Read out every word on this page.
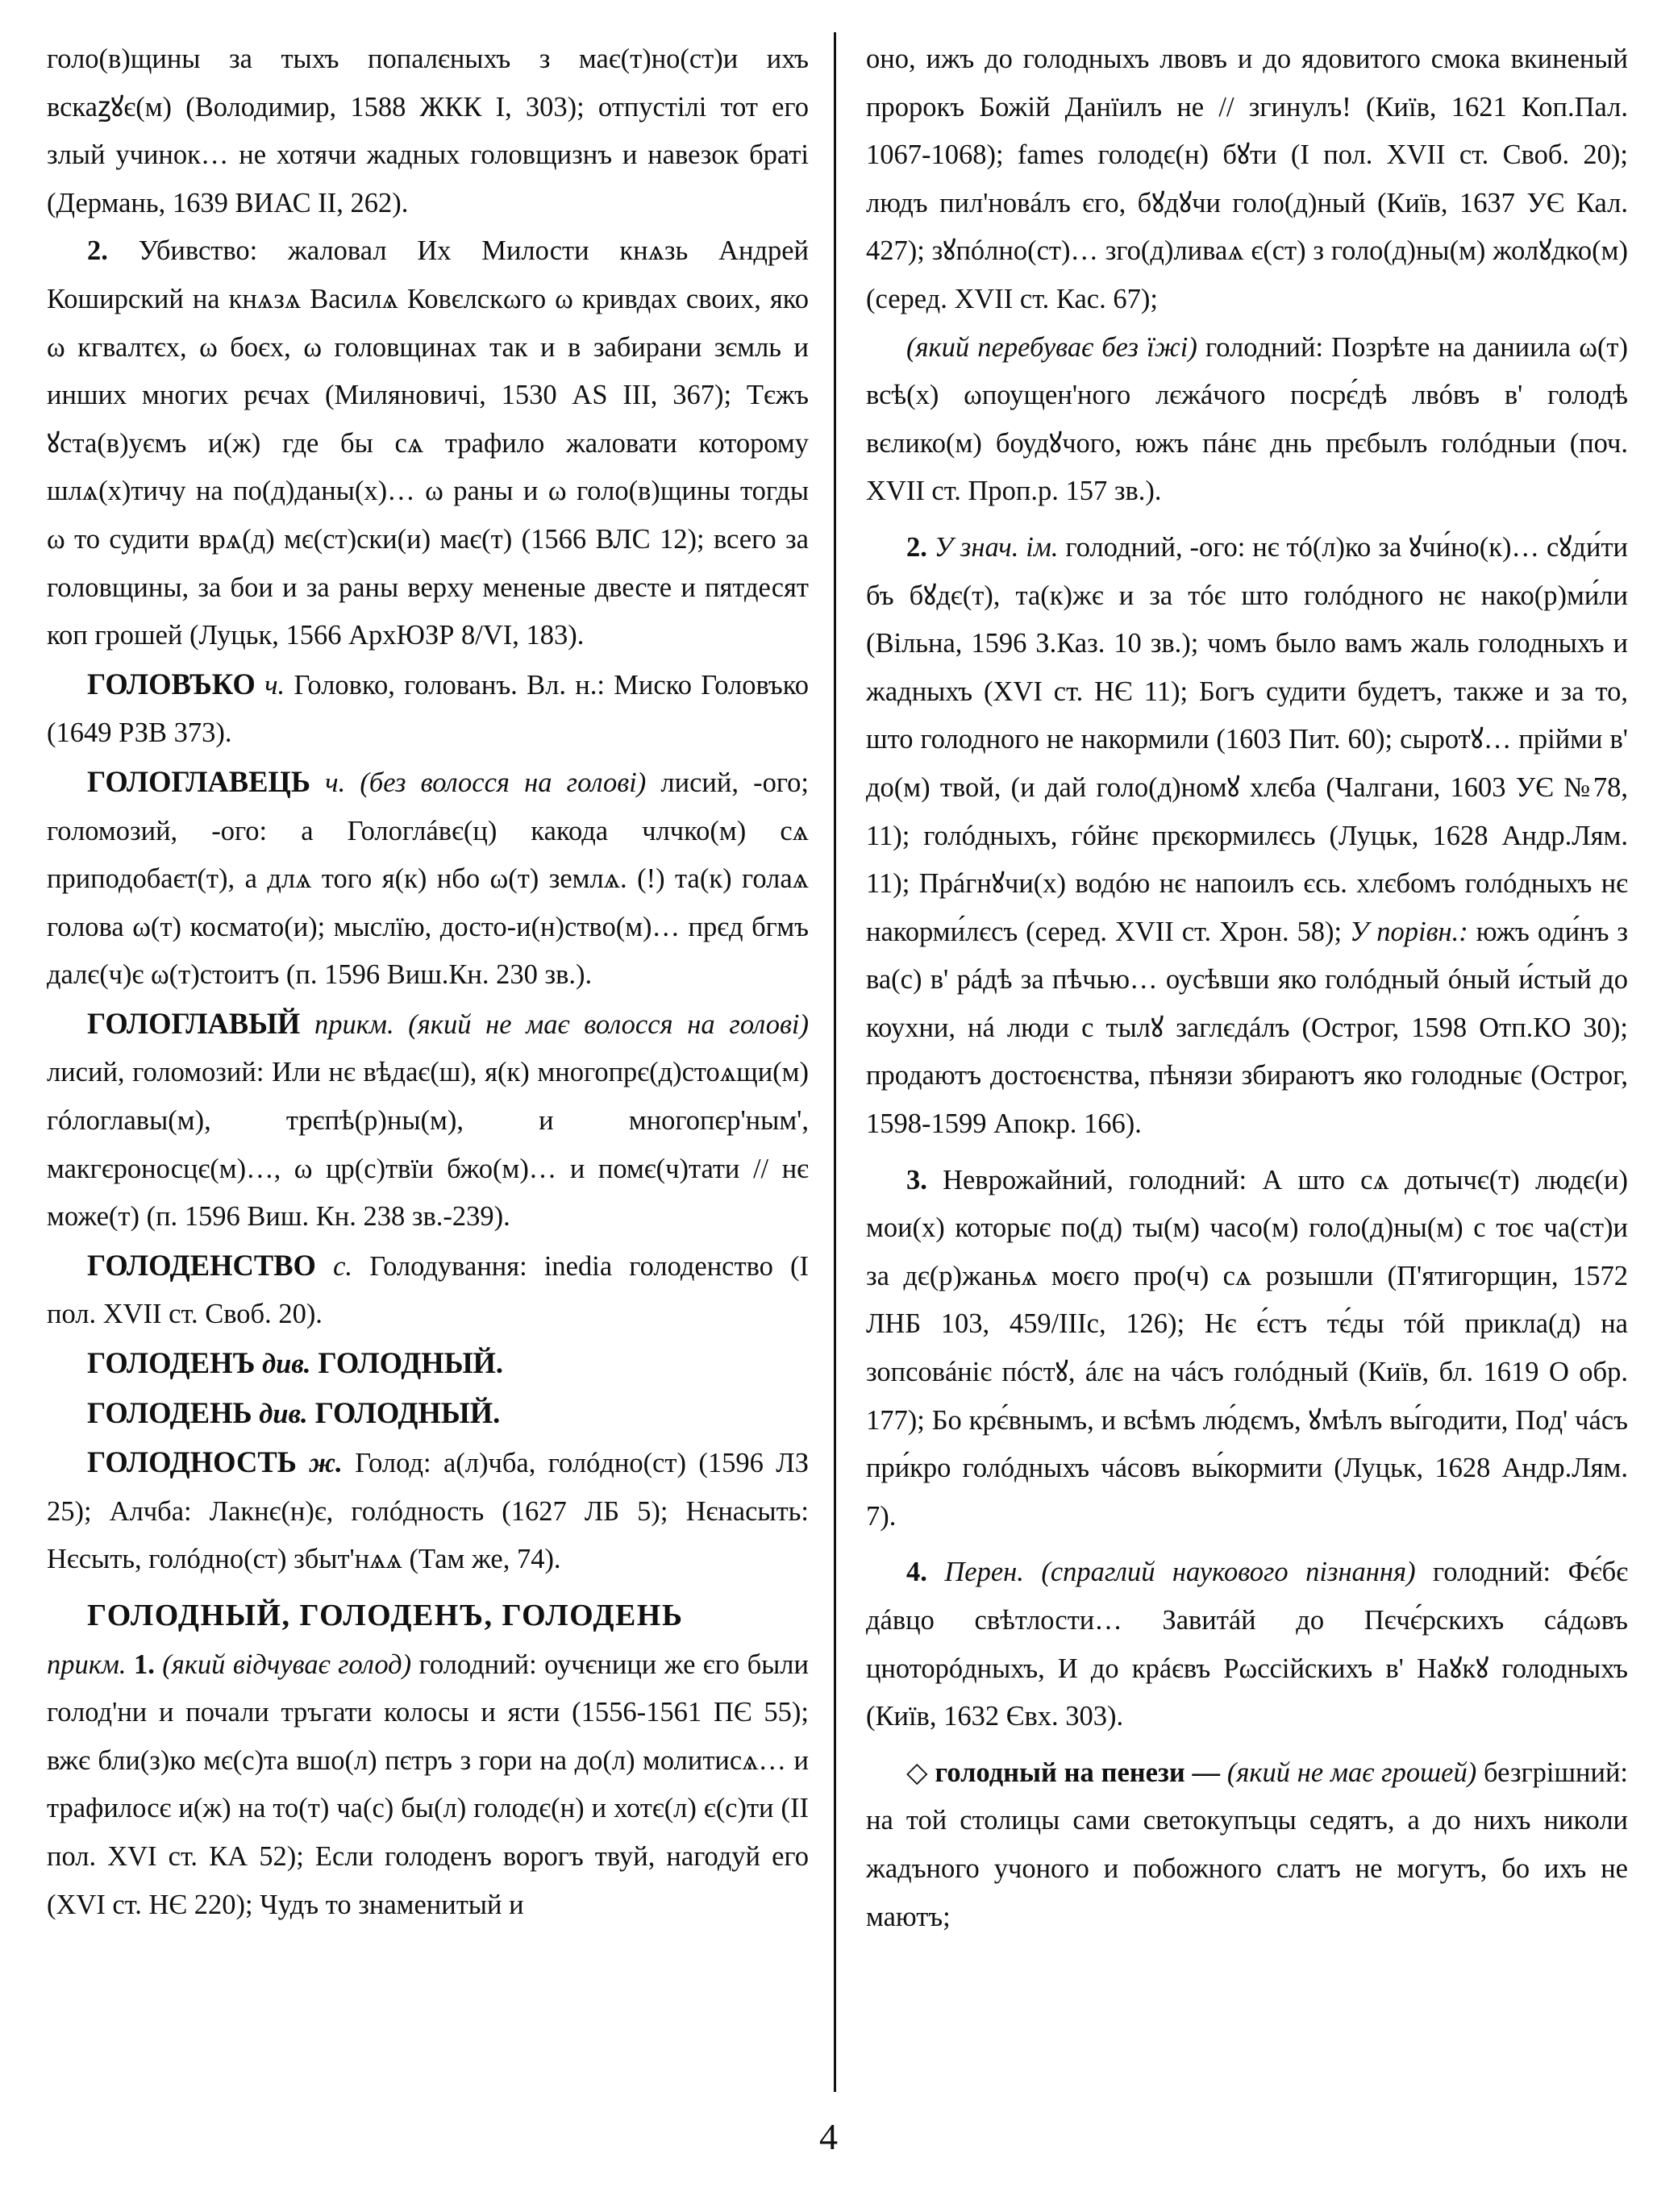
голо(в)щины за тыхъ попалєныхъ з має(т)но(ст)и ихъ вскаꙁꙋє(м) (Володимир, 1588 ЖКК I, 303); отпустілі тот его злый учинок… не хотячи жадных головщизнъ и навезок браті (Дермань, 1639 ВИАС II, 262).

2. Убивство: жаловал Их Милости кнѧзь Андрей Коширский на кнѧзѧ Василѧ Ковєлскωго ω кривдах своих, яко ω кгвалтєх, ω боєх, ω головщинах так и в забирани зємль и инших многих рєчах (Миляновичі, 1530 AS III, 367); Тєжъ ꙋста(в)уємъ и(ж) где бы сѧ трафило жаловати которому шлѧ(х)тичу на по(д)даны(х)… ω раны и ω голо(в)щины тогды ω то судити врѧ(д) мє(ст)ски(и) має(т) (1566 ВЛС 12); всего за головщины, за бои и за раны верху мененые двесте и пятдесят коп грошей (Луцьк, 1566 АрхЮЗР 8/VI, 183).

ГОЛОВЪКО ч. Головко, голованъ. Вл. н.: Миско Головъко (1649 РЗВ 373).

ГОЛОГЛАВЕЦЬ ч. (без волосся на голові) лисий, -ого; голомозий, -ого: а Гологлáвє(ц) какода члчко(м) сѧ приподобаєт(т), а длѧ того я(к) нбо ω(т) землѧ. (!) та(к) голаѧ голова ω(т) косматo(и); мыслїю, досто-и(н)ство(м)… прєд бгмъ далє(ч)є ω(т)стоитъ (п. 1596 Виш.Кн. 230 зв.).

ГОЛОГЛАВЫЙ прикм. (який не має волосся на голові) лисий, голомозий: Или нє вѣдає(ш), я(к) многопрє(д)стоѧщи(м) гóлоглавы(м), трєпѣ(р)ны(м), и многопєр'ным', макгєроносцє(м)…, ω цр(с)твїи бжо(м)… и помє(ч)тати // нє може(т) (п. 1596 Виш. Кн. 238 зв.-239).

ГОЛОДЕНСТВО с. Голодування: inedia голоденство (I пол. XVII ст. Своб. 20).

ГОЛОДЕНЪ див. ГОЛОДНЫЙ.

ГОЛОДЕНЬ див. ГОЛОДНЫЙ.

ГОЛОДНОСТЬ ж. Голод: а(л)чба, голóдно(ст) (1596 ЛЗ 25); Алчба: Лакнє(н)є, голóдность (1627 ЛБ 5); Нєнасыть: Нєсыть, голóдно(ст) збыт'нѧѧ (Там же, 74).

ГОЛОДНЫЙ, ГОЛОДЕНЪ, ГОЛОДЕНЬ
прикм. 1. (який відчуває голод) голодний: оучєници же єго были голод'ни и почали тръгати колосы и ясти (1556-1561 ПЄ 55); вжє бли(з)ко мє(с)та вшо(л) пєтръ з гори на до(л) молитисѧ… и трафилосє и(ж) на то(т) ча(с) бы(л) голодє(н) и хотє(л) є(с)ти (II пол. XVI ст. КА 52); Если голоденъ ворогъ твуй, нагодуй его (XVI ст. НЄ 220); Чудъ то знаменитый и

оно, ижъ до голодныхъ лвовъ и до ядовитого смока вкиненый пророкъ Божій Данїилъ не // згинулъ! (Київ, 1621 Коп.Пал. 1067-1068); fames голодє(н) бꙋти (I пол. XVII ст. Своб. 20); людъ пил'новáлъ єго, бꙋдꙋчи голо(д)ный (Київ, 1637 УЄ Кал. 427); зꙋпóлно(ст)… зго(д)ливаѧ є(ст) з голо(д)ны(м) жолꙋдко(м) (серед. XVII ст. Кас. 67);

(який перебуває без їжі) голодний: Позрѣте на даниила ω(т) всѣ(х) ωпоущен'ного лєжáчого посрє́дѣ лвóвъ в' голодѣ вєлико(м) боудꙋчого, южъ пáнє днь прєбылъ голóдныи (поч. XVII ст. Проп.р. 157 зв.).

2. У знач. ім. голодний, -ого: нє тó(л)ко за ꙋчи́но(к)… сꙋди́ти бъ бꙋдє(т), та(к)жє и за тóє што голóдного нє нако(р)ми́ли (Вільна, 1596 З.Каз. 10 зв.); чомъ было вамъ жаль голодныхъ и жадныхъ (XVI ст. НЄ 11); Богъ судити будетъ, также и за то, што голодного не накормили (1603 Пит. 60); сыротꙋ… прійми в' до(м) твой, (и дай голо(д)номꙋ хлєба (Чалгани, 1603 УЄ №78, 11); голóдныхъ, гóйнє прєкормилєсь (Луцьк, 1628 Андр.Лям. 11); Прáгнꙋчи(х) водóю нє напоилъ єсь. хлєбомъ голóдныхъ нє накорми́лєсъ (серед. XVII ст. Хрон. 58); У порівн.: южъ оди́нъ з ва(с) в' рáдѣ за пѣчью… оусѣвши яко голóдный óный и́стый до коухни, нá люди с тылꙋ заглєдáлъ (Острог, 1598 Отп.КО 30); продаютъ достоєнства, пѣнязи збираютъ яко голодныє (Острог, 1598-1599 Апокр. 166).

3. Неврожайний, голодний: А што сѧ дотычє(т) людє(и) мои(х) которыє по(д) ты(м) часо(м) голо(д)ны(м) с тоє ча(ст)и за дє(р)жаньѧ моєго про(ч) сѧ розышли (П'ятигорщин, 1572 ЛНБ 103, 459/IIIc, 126); Нє є́стъ тє́ды тóй прикла(д) на зопсовáніє пóстꙋ, áлє на чáсъ голóдный (Київ, бл. 1619 О обр. 177); Бо крє́внымъ, и всѣмъ лю́дємъ, ꙋмѣлъ вы́годити, Под' чáсъ при́кро голóдныхъ чáсовъ вы́кормити (Луцьк, 1628 Андр.Лям. 7).

4. Перен. (спраглий наукового пізнання) голодний: Фє́бє дáвцо свѣтлости… Завитáй до Пєчє́рскихъ сáдωвъ цноторóдныхъ, И до крáєвъ Рωссійскихъ в' Наꙋкꙋ голодныхъ (Київ, 1632 Євх. 303).

◇ голодный на пенези — (який не має грошей) безгрішний: на той столицы сами светокупъцы седятъ, а до нихъ николи жадъного учоного и побожного слатъ не могутъ, бо ихъ не маютъ;

4
